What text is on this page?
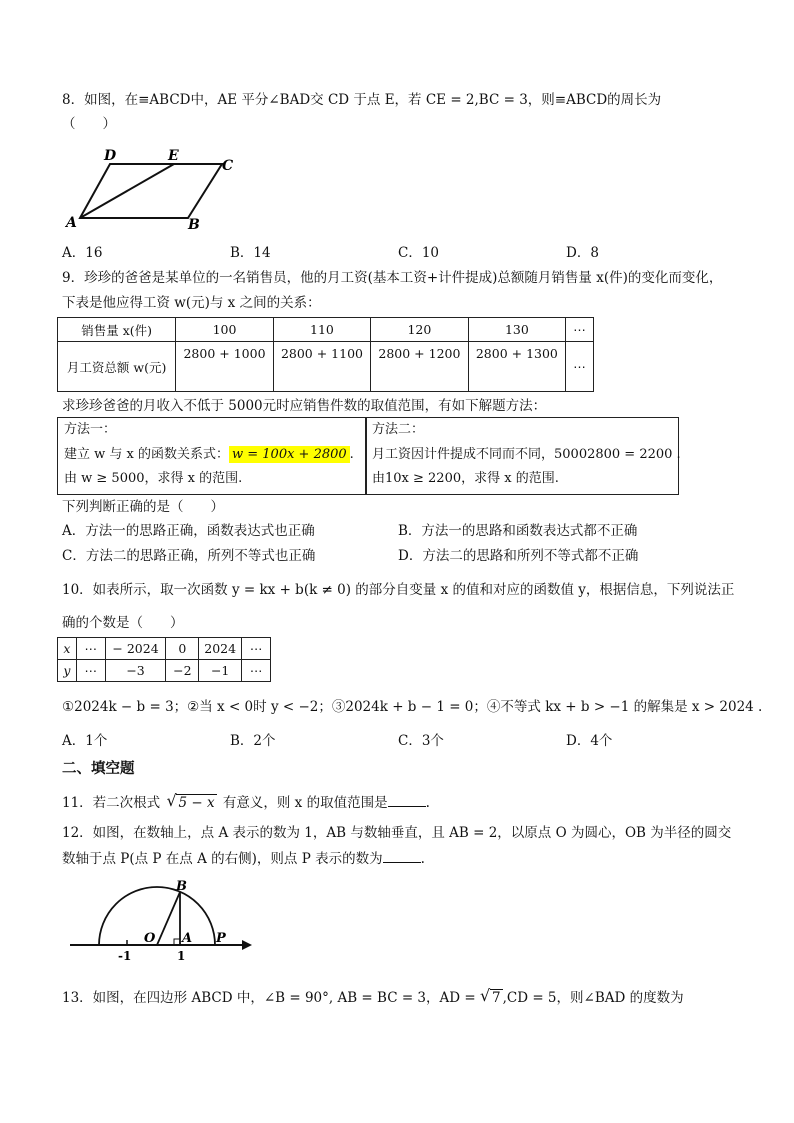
8．如图，在≡ABCD中，AE 平分∠BAD交 CD 于点 E，若 CE = 2,BC = 3，则≡ABCD的周长为
（　　）
A	B
C
D	E
A．16	B．14	C．10	D．8
9．珍珍的爸爸是某单位的一名销售员，他的月工资(基本工资+计件提成)总额随月销售量 x(件)的变化而变化，
下表是他应得工资 w(元)与 x 之间的关系：
销售量 x(件)	100	110	120	130	⋯
月工资总额 w(元)	2800 + 1000	2800 + 1100	2800 + 1200	2800 + 1300	⋯
求珍珍爸爸的月收入不低于 5000元时应销售件数的取值范围，有如下解题方法：
方法一：
建立 w 与 x 的函数关系式： w = 100x + 2800 .
由 w ≥ 5000，求得 x 的范围.
方法二：
月工资因计件提成不同而不同，50002800 = 2200 .
由10x ≥ 2200，求得 x 的范围.
下列判断正确的是（　　）
A．方法一的思路正确，函数表达式也正确	B．方法一的思路和函数表达式都不正确
C．方法二的思路正确，所列不等式也正确	D．方法二的思路和所列不等式都不正确
10．如表所示，取一次函数 y = kx + b(k ≠ 0) 的部分自变量 x 的值和对应的函数值 y，根据信息，下列说法正
确的个数是（　　）
x	⋯	− 2024	0	2024	⋯
y	⋯	−3	−2	−1	⋯
①2024k − b = 3；②当 x < 0时 y < −2；③2024k + b − 1 = 0；④不等式 kx + b > −1 的解集是 x > 2024 .
A．1个	B．2个	C．3个	D．4个
二、填空题
11．若二次根式 √ 5 − x 有意义，则 x 的取值范围是	.
12．如图，在数轴上，点 A 表示的数为 1，AB 与数轴垂直，且 AB = 2，以原点 O 为圆心，OB 为半径的圆交
数轴于点 P(点 P 在点 A 的右侧)，则点 P 表示的数为	.
B
O A P
-1	1
13．如图，在四边形 ABCD 中，∠B = 90°, AB = BC = 3，AD = √ 7 ,CD = 5，则∠BAD 的度数为
